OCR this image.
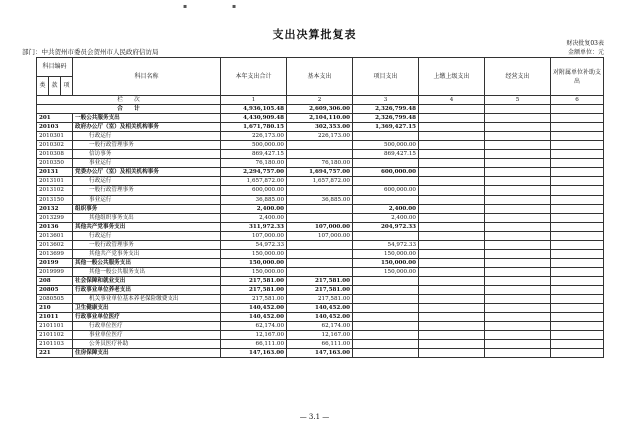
▪	▪
支出决算批复表
财决批复03表
部门：中共贺州市委员会贺州市人民政府信访局	金额单位：元
科目编码			科目名称	本年支出合计	基本支出	项目支出	上缴上级支出	经营支出	对附属单位补助支出
类	款	项							
栏　　次				1	2	3	4	5	6
合　　计				4,936,105.48	2,609,306.00	2,326,799.48			
201			一般公共服务支出	4,430,909.48	2,104,110.00	2,326,799.48			
20103			政府办公厅（室）及相关机构事务	1,671,780.15	302,353.00	1,369,427.15			
2010301			行政运行	226,173.00	226,173.00				
2010302			一般行政管理事务	500,000.00		500,000.00			
2010308			信访事务	869,427.15		869,427.15			
2010350			事业运行	76,180.00	76,180.00				
20131			党委办公厅（室）及相关机构事务	2,294,757.00	1,694,757.00	600,000.00			
2013101			行政运行	1,657,872.00	1,657,872.00				
2013102			一般行政管理事务	600,000.00		600,000.00			
2013150			事业运行	36,885.00	36,885.00				
20132			组织事务	2,400.00		2,400.00			
2013299			其他组织事务支出	2,400.00		2,400.00			
20136			其他共产党事务支出	311,972.33	107,000.00	204,972.33			
2013601			行政运行	107,000.00	107,000.00				
2013602			一般行政管理事务	54,972.33		54,972.33			
2013699			其他共产党事务支出	150,000.00		150,000.00			
20199			其他一般公共服务支出	150,000.00		150,000.00			
2019999			其他一般公共服务支出	150,000.00		150,000.00			
208			社会保障和就业支出	217,581.00	217,581.00				
20805			行政事业单位养老支出	217,581.00	217,581.00				
2080505			机关事业单位基本养老保险缴费支出	217,581.00	217,581.00				
210			卫生健康支出	140,452.00	140,452.00				
21011			行政事业单位医疗	140,452.00	140,452.00				
2101101			行政单位医疗	62,174.00	62,174.00				
2101102			事业单位医疗	12,167.00	12,167.00				
2101103			公务员医疗补助	66,111.00	66,111.00				
221			住房保障支出	147,163.00	147,163.00				
— 3.1 —
